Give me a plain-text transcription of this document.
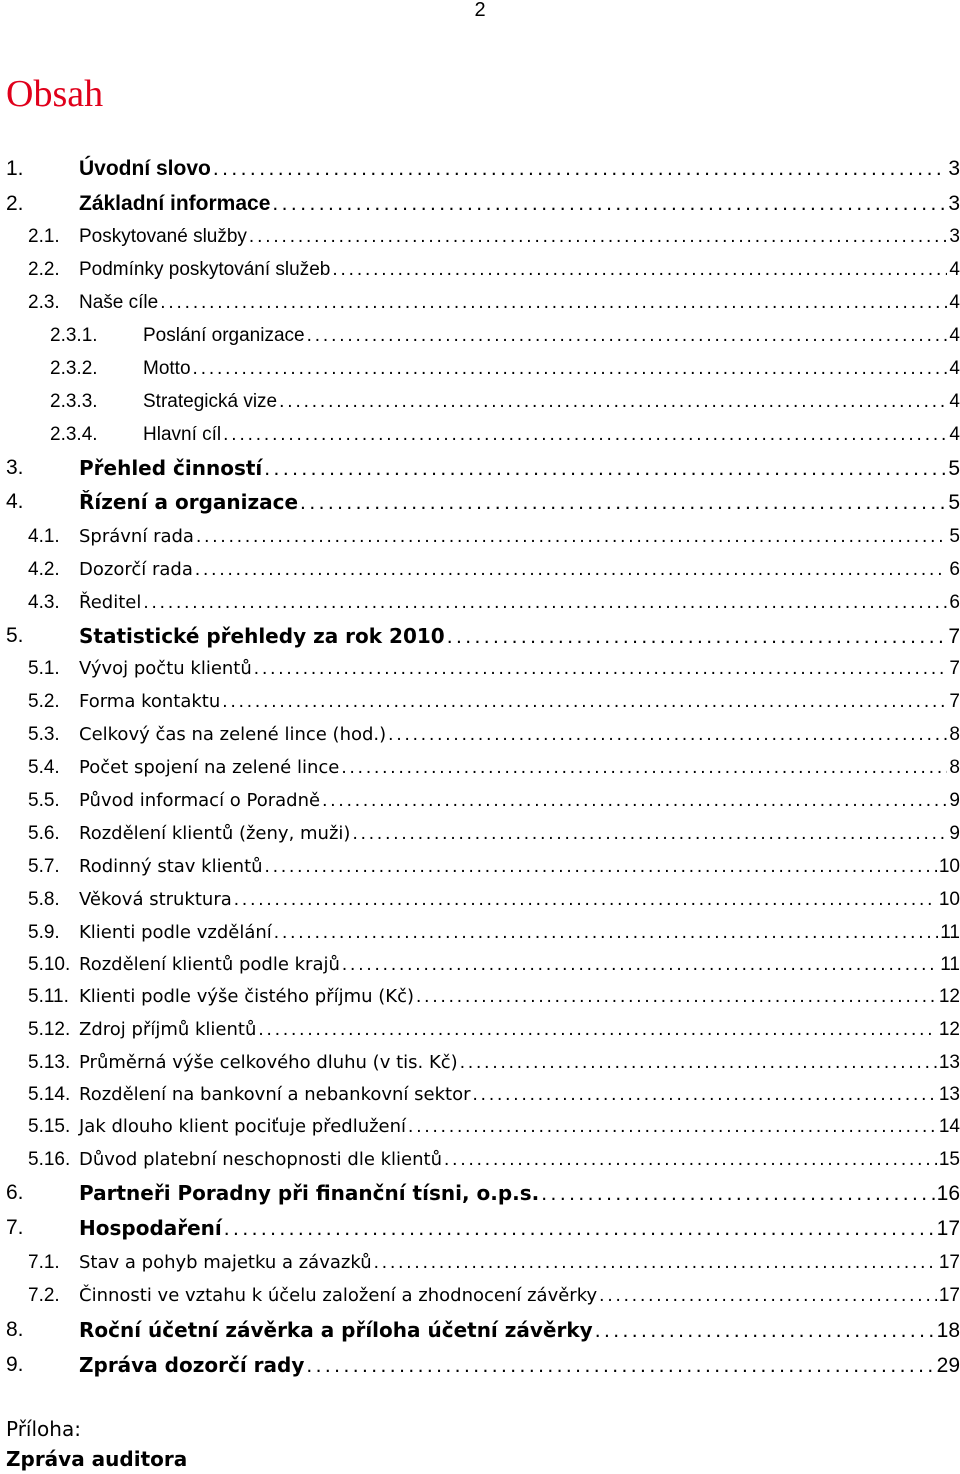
2
Obsah
1.	Úvodní slovo . . .	3
2.	Základní informace . . .	3
2.1. Poskytované služby . . .	3
2.2. Podmínky poskytování služeb . . .	4
2.3. Naše cíle . . .	4
2.3.1. Poslání organizace . . .	4
2.3.2. Motto . . .	4
2.3.3. Strategická vize . . .	4
2.3.4. Hlavní cíl . . .	4
3.	Přehled činností . . .	5
4.	Řízení a organizace . . .	5
4.1. Správní rada . . .	5
4.2. Dozorčí rada . . .	6
4.3. Ředitel . . .	6
5.	Statistické přehledy za rok 2010 . . .	7
5.1. Vývoj počtu klientů . . .	7
5.2. Forma kontaktu . . .	7
5.3. Celkový čas na zelené lince (hod.) . . .	8
5.4. Počet spojení na zelené lince . . .	8
5.5. Původ informací o Poradně . . .	9
5.6. Rozdělení klientů (ženy, muži) . . .	9
5.7. Rodinný stav klientů . . .	10
5.8. Věková struktura . . .	10
5.9. Klienti podle vzdělání . . .	11
5.10. Rozdělení klientů podle krajů . . .	11
5.11. Klienti podle výše čistého příjmu (Kč) . . .	12
5.12. Zdroj příjmů klientů . . .	12
5.13. Průměrná výše celkového dluhu (v tis. Kč) . . .	13
5.14. Rozdělení na bankovní a nebankovní sektor . . .	13
5.15. Jak dlouho klient pociťuje předlužení . . .	14
5.16. Důvod platební neschopnosti dle klientů . . .	15
6.	Partneři Poradny při finanční tísni, o.p.s. . . .	16
7.	Hospodaření . . .	17
7.1. Stav a pohyb majetku a závazků . . .	17
7.2. Činnosti ve vztahu k účelu založení a zhodnocení závěrky . . .	17
8.	Roční účetní závěrka a příloha účetní závěrky . . .	18
9.	Zpráva dozorčí rady . . .	29
Příloha:
Zpráva auditora
